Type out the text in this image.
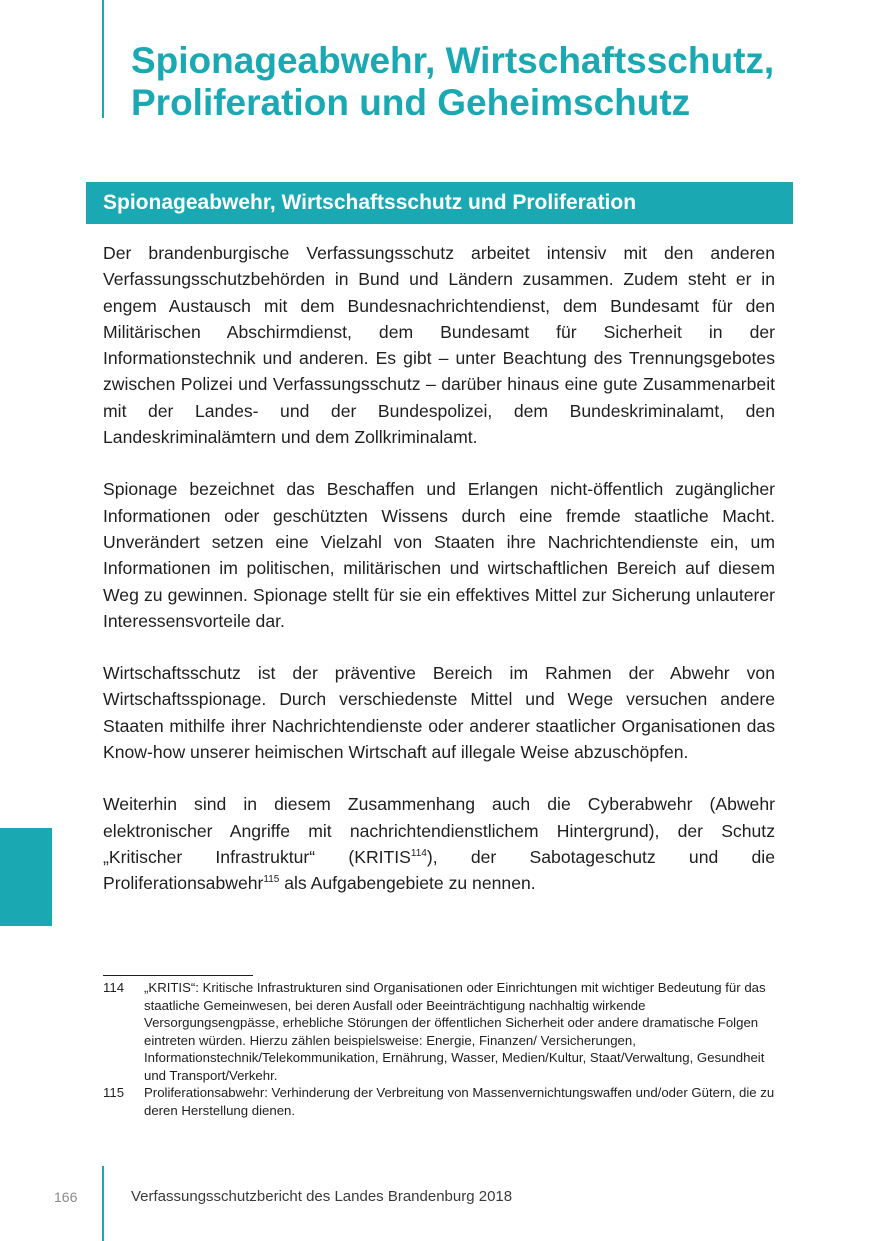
Spionageabwehr, Wirtschaftsschutz,
Proliferation und Geheimschutz
Spionageabwehr, Wirtschaftsschutz und Proliferation

Der brandenburgische Verfassungsschutz arbeitet intensiv mit den anderen Verfassungsschutzbehörden in Bund und Ländern zusammen. Zudem steht er in engem Austausch mit dem Bundesnachrichtendienst, dem Bundesamt für den Militärischen Abschirmdienst, dem Bundesamt für Sicherheit in der Informationstechnik und anderen. Es gibt – unter Beachtung des Trennungsgebotes zwischen Polizei und Verfassungsschutz – darüber hinaus eine gute Zusammenarbeit mit der Landes- und der Bundespolizei, dem Bundeskriminalamt, den Landeskriminalämtern und dem Zollkriminalamt.

Spionage bezeichnet das Beschaffen und Erlangen nicht-öffentlich zugänglicher Informationen oder geschützten Wissens durch eine fremde staatliche Macht. Unverändert setzen eine Vielzahl von Staaten ihre Nachrichtendienste ein, um Informationen im politischen, militärischen und wirtschaftlichen Bereich auf diesem Weg zu gewinnen. Spionage stellt für sie ein effektives Mittel zur Sicherung unlauterer Interessensvorteile dar.

Wirtschaftsschutz ist der präventive Bereich im Rahmen der Abwehr von Wirtschaftsspionage. Durch verschiedenste Mittel und Wege versuchen andere Staaten mithilfe ihrer Nachrichtendienste oder anderer staatlicher Organisationen das Know-how unserer heimischen Wirtschaft auf illegale Weise abzuschöpfen.

Weiterhin sind in diesem Zusammenhang auch die Cyberabwehr (Abwehr elektronischer Angriffe mit nachrichtendienstlichem Hintergrund), der Schutz „Kritischer Infrastruktur“ (KRITIS$^{114}$), der Sabotageschutz und die Proliferationsabwehr$^{115}$ als Aufgabengebiete zu nennen.

114	„KRITIS“: Kritische Infrastrukturen sind Organisationen oder Einrichtungen mit wichtiger Bedeutung für das staatliche Gemeinwesen, bei deren Ausfall oder Beeinträchtigung nachhaltig wirkende Versorgungsengpässe, erhebliche Störungen der öffentlichen Sicherheit oder andere dramatische Folgen eintreten würden. Hierzu zählen beispielsweise: Energie, Finanzen/ Versicherungen, Informationstechnik/Telekommunikation, Ernährung, Wasser, Medien/Kultur, Staat/Verwaltung, Gesundheit und Transport/Verkehr.
115	Proliferationsabwehr: Verhinderung der Verbreitung von Massenvernichtungswaffen und/oder Gütern, die zu deren Herstellung dienen.
166	Verfassungsschutzbericht des Landes Brandenburg 2018
